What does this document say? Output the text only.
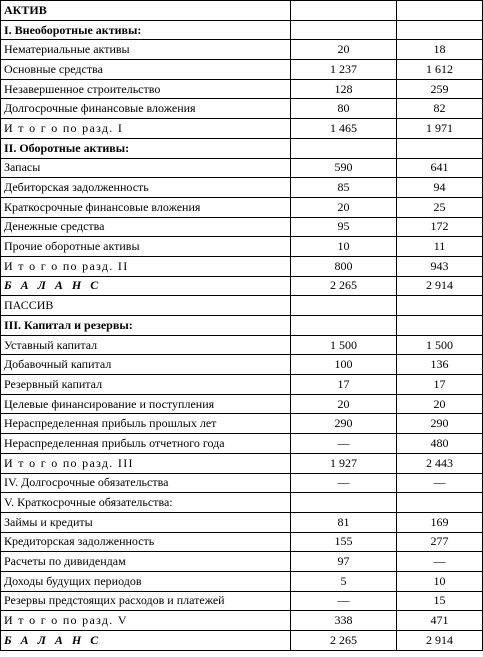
АКТИВ		
I. Внеоборотные активы:		
Нематериальные активы	20	18
Основные средства	1 237	1 612
Незавершенное строительство	128	259
Долгосрочные финансовые вложения	80	82
И т о г о по разд. I	1 465	1 971
II. Оборотные активы:		
Запасы	590	641
Дебиторская задолженность	85	94
Краткосрочные финансовые вложения	20	25
Денежные средства	95	172
Прочие оборотные активы	10	11
И т о г о по разд. II	800	943
Б А Л А Н С	2 265	2 914
ПАССИВ		
III. Капитал и резервы:		
Уставный капитал	1 500	1 500
Добавочный капитал	100	136
Резервный капитал	17	17
Целевые финансирование и поступления	20	20
Нераспределенная прибыль прошлых лет	290	290
Нераспределенная прибыль отчетного года	—	480
И т о г о по разд. III	1 927	2 443
IV. Долгосрочные обязательства	—	—
V. Краткосрочные обязательства:		
Займы и кредиты	81	169
Кредиторская задолженность	155	277
Расчеты по дивидендам	97	—
Доходы будущих периодов	5	10
Резервы предстоящих расходов и платежей	—	15
И т о г о по разд. V	338	471
Б А Л А Н С	2 265	2 914
